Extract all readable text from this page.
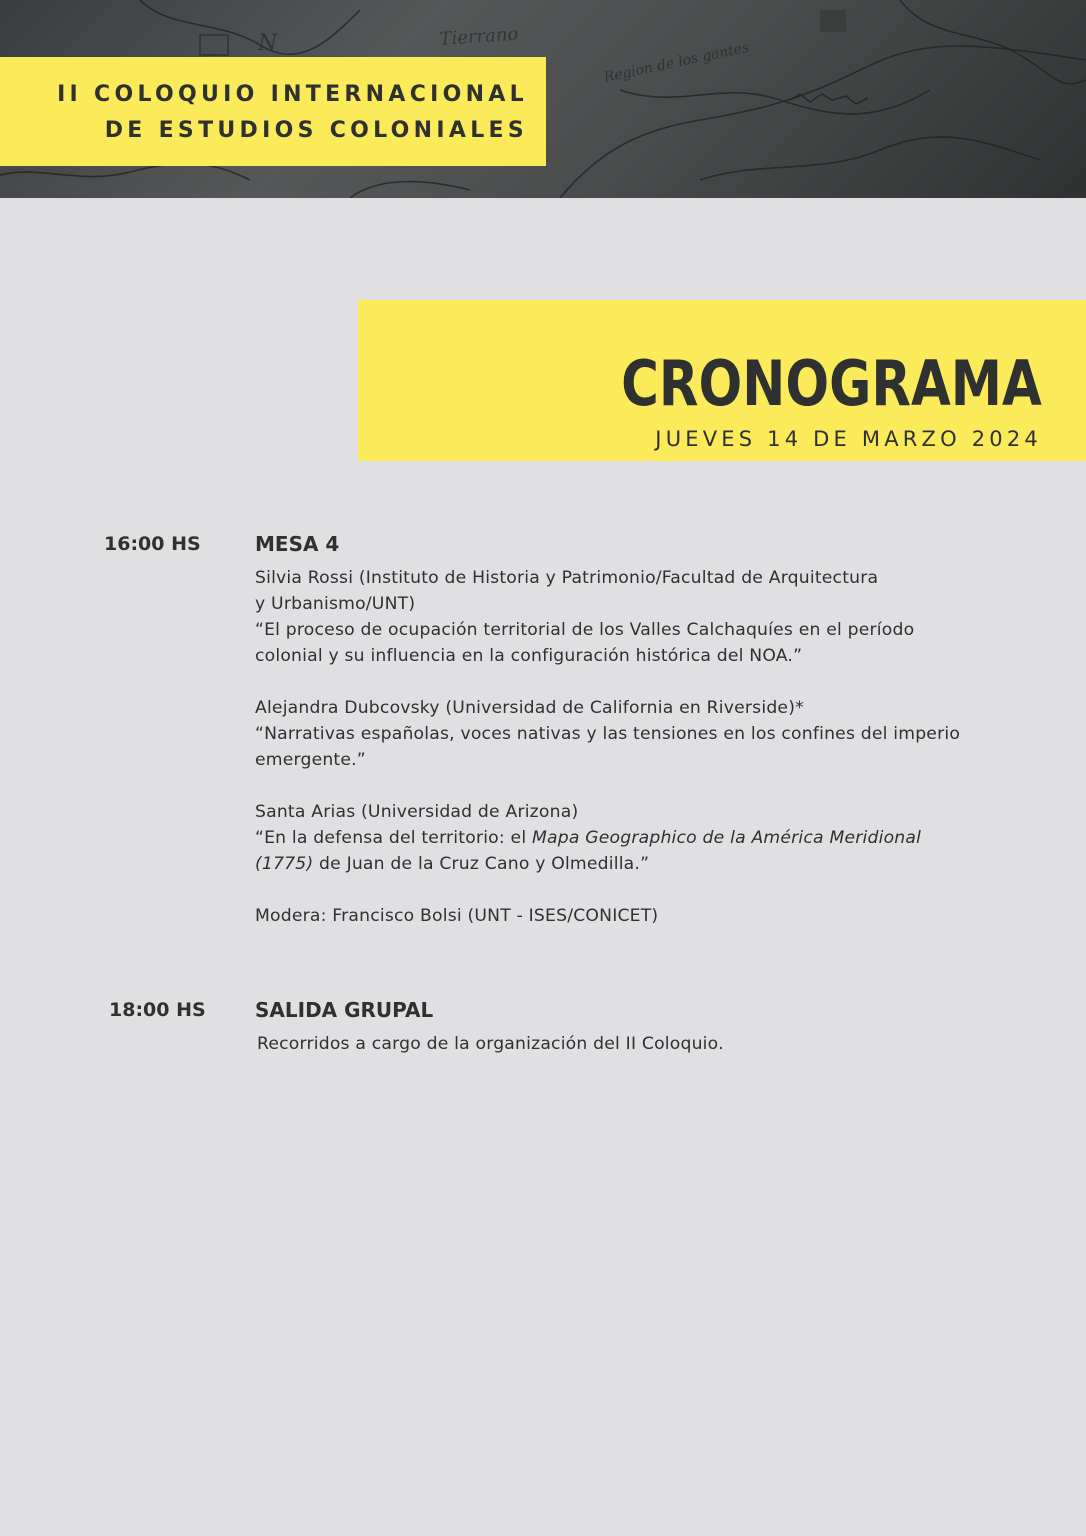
N	Tierrano
Region de los gantes
II COLOQUIO INTERNACIONAL
DE ESTUDIOS COLONIALES
CRONOGRAMA
JUEVES 14 DE MARZO 2024
16:00 HS	MESA 4
Silvia Rossi (Instituto de Historia y Patrimonio/Facultad de Arquitectura
y Urbanismo/UNT)
“El proceso de ocupación territorial de los Valles Calchaquíes en el período
colonial y su influencia en la configuración histórica del NOA.”
Alejandra Dubcovsky (Universidad de California en Riverside)*
“Narrativas españolas, voces nativas y las tensiones en los confines del imperio
emergente.”
Santa Arias (Universidad de Arizona)
“En la defensa del territorio: el Mapa Geographico de la América Meridional
(1775) de Juan de la Cruz Cano y Olmedilla.”
Modera: Francisco Bolsi (UNT - ISES/CONICET)
18:00 HS SALIDA GRUPAL
Recorridos a cargo de la organización del II Coloquio.
